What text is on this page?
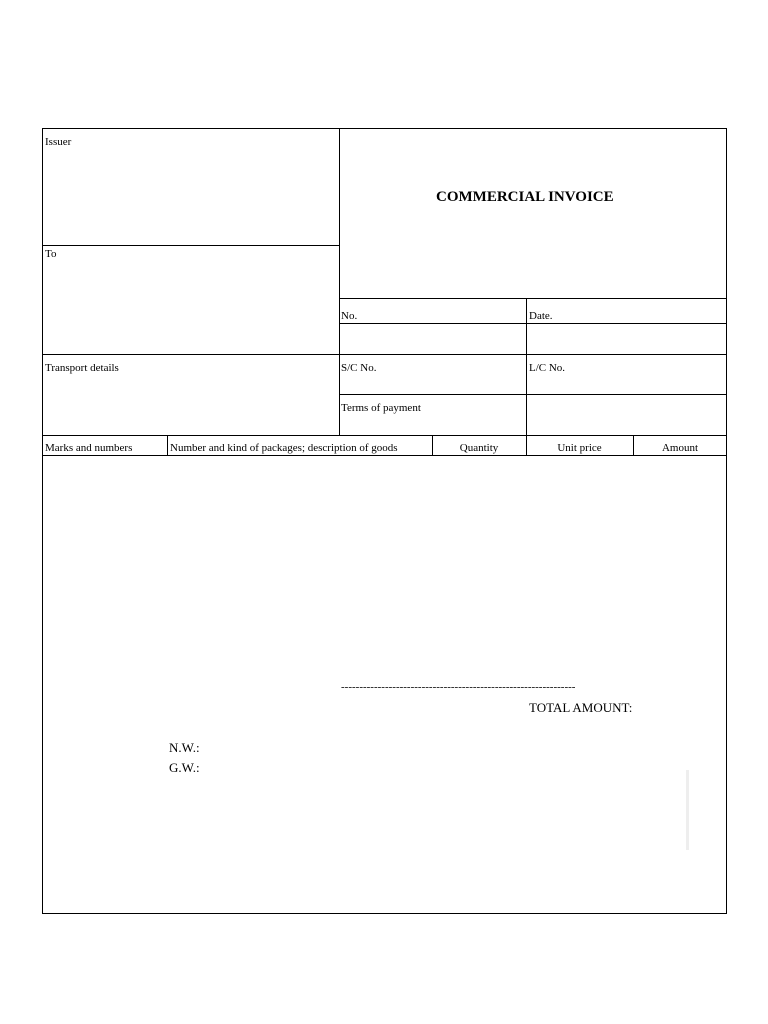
Issuer
COMMERCIAL INVOICE
To
No.	Date.
Transport details	S/C No.	L/C No.
Terms of payment
Marks and numbers	Number and kind of packages; description of goods	Quantity	Unit price	Amount
----------------------------------------------------------------
TOTAL AMOUNT:
N.W.:
G.W.:
